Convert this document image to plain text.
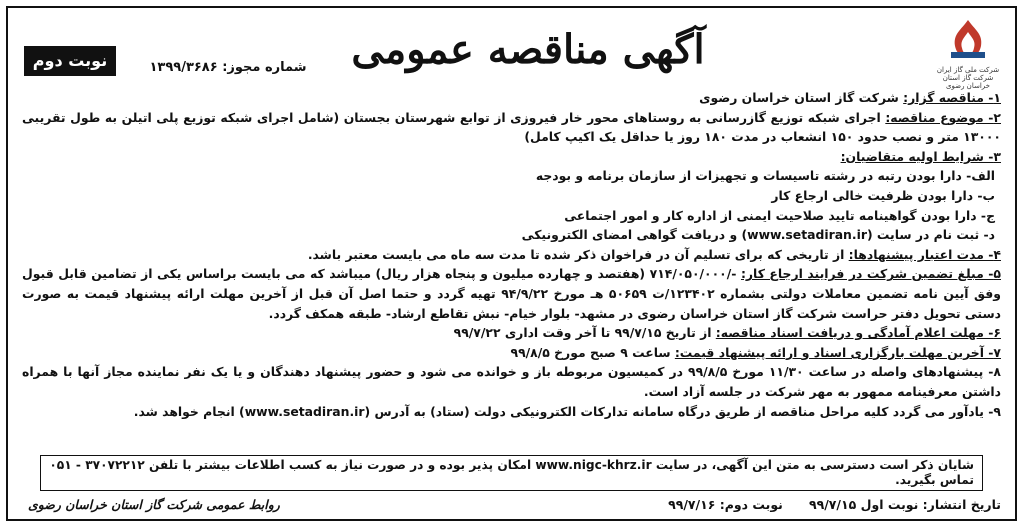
شرکت ملی گاز ایران
شرکت گاز استان خراسان رضوی
آگهی مناقصه عمومی
شماره مجوز: ۱۳۹۹/۳۶۸۶
نوبت دوم

۱- مناقصه گزار: شرکت گاز استان خراسان رضوی

۲- موضوع مناقصه: اجرای شبکه توزیع گازرسانی به روستاهای محور خار فیروزی از توابع شهرستان بجستان (شامل اجرای شبکه توزیع پلی اتیلن به طول تقریبی ۱۳۰۰۰ متر و نصب حدود ۱۵۰ انشعاب در مدت ۱۸۰ روز یا حداقل یک اکیپ کامل)

۳- شرایط اولیه متقاضیان:

الف- دارا بودن رتبه در رشته تاسیسات و تجهیزات از سازمان برنامه و بودجه

ب- دارا بودن ظرفیت خالی ارجاع کار

ج- دارا بودن گواهینامه تایید صلاحیت ایمنی از اداره کار و امور اجتماعی

د- ثبت نام در سایت (www.setadiran.ir) و دریافت گواهی امضای الکترونیکی

۴- مدت اعتبار پیشنهادها: از تاریخی که برای تسلیم آن در فراخوان ذکر شده تا مدت سه ماه می بایست معتبر باشد.

۵- مبلغ تضمین شرکت در فرایند ارجاع کار: -/۷۱۴/۰۵۰/۰۰۰ (هفتصد و چهارده میلیون و پنجاه هزار ریال) میباشد که می بایست براساس یکی از تضامین قابل قبول وفق آیین نامه تضمین معاملات دولتی بشماره ۱۲۳۴۰۲/ت ۵۰۶۵۹ هـ مورخ ۹۴/۹/۲۲ تهیه گردد و حتما اصل آن قبل از آخرین مهلت ارائه پیشنهاد قیمت به صورت دستی تحویل دفتر حراست شرکت گاز استان خراسان رضوی در مشهد- بلوار خیام- نبش تقاطع ارشاد- طبقه همکف گردد.

۶- مهلت اعلام آمادگی و دریافت اسناد مناقصه: از تاریخ ۹۹/۷/۱۵ تا آخر وقت اداری ۹۹/۷/۲۲

۷- آخرین مهلت بارگزاری اسناد و ارائه پیشنهاد قیمت: ساعت ۹ صبح مورخ ۹۹/۸/۵

۸- پیشنهادهای واصله در ساعت ۱۱/۳۰ مورخ ۹۹/۸/۵ در کمیسیون مربوطه باز و خوانده می شود و حضور پیشنهاد دهندگان و یا یک نفر نماینده مجاز آنها با همراه داشتن معرفینامه ممهور به مهر شرکت در جلسه آزاد است.

۹- یادآور می گردد کلیه مراحل مناقصه از طریق درگاه سامانه تدارکات الکترونیکی دولت (ستاد) به آدرس (www.setadiran.ir) انجام خواهد شد.

شایان ذکر است دسترسی به متن این آگهی، در سایت www.nigc-khrz.ir امکان پذیر بوده و در صورت نیاز به کسب اطلاعات بیشتر با تلفن ۳۷۰۷۲۲۱۲ - ۰۵۱ تماس بگیرید.
تاریخ انتشار: نوبت اول ۹۹/۷/۱۵      نوبت دوم: ۹۹/۷/۱۶
روابط عمومی شرکت گاز استان خراسان رضوی
